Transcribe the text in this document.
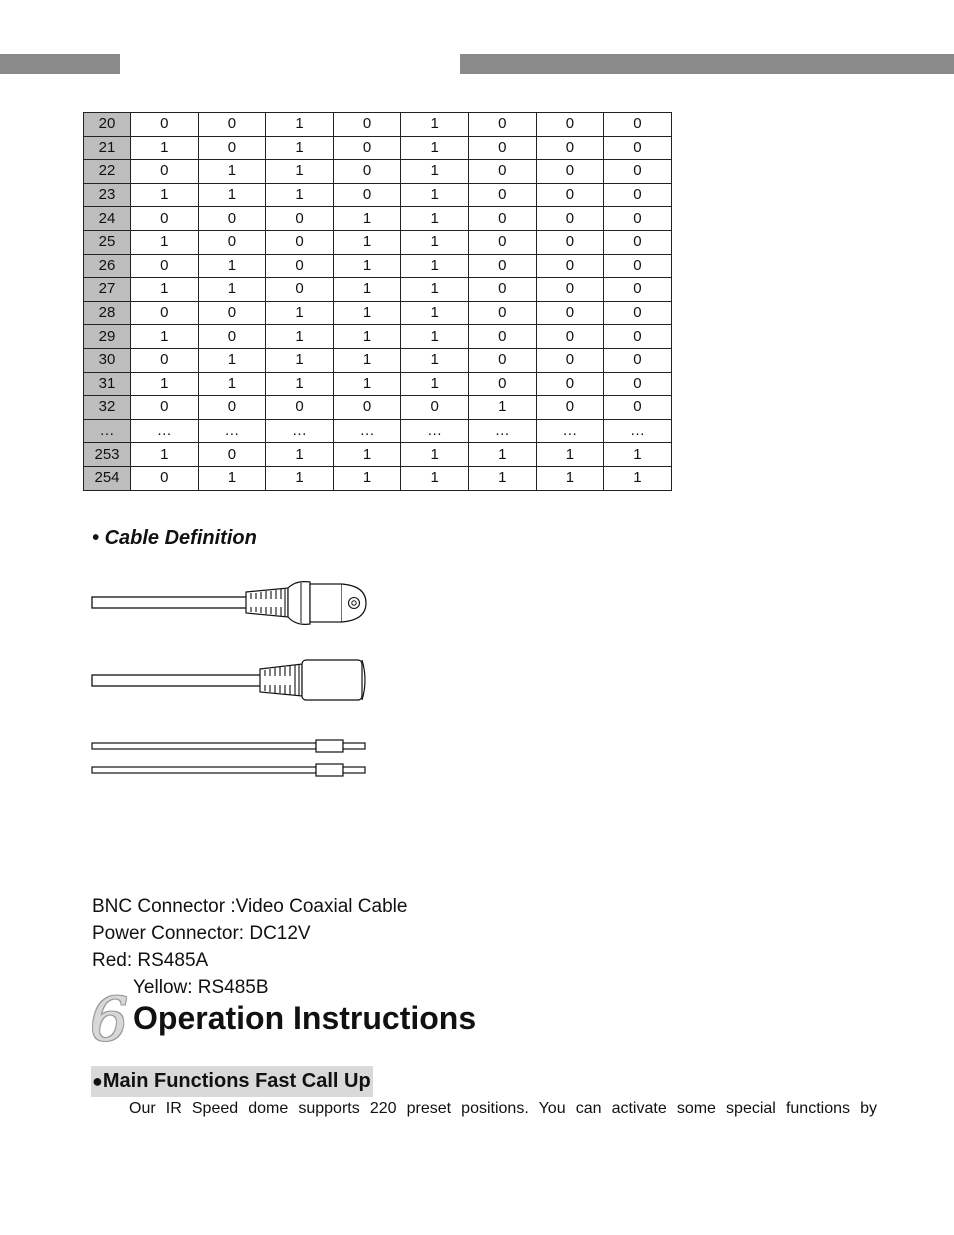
20	0	0	1	0	1	0	0	0
21	1	0	1	0	1	0	0	0
22	0	1	1	0	1	0	0	0
23	1	1	1	0	1	0	0	0
24	0	0	0	1	1	0	0	0
25	1	0	0	1	1	0	0	0
26	0	1	0	1	1	0	0	0
27	1	1	0	1	1	0	0	0
28	0	0	1	1	1	0	0	0
29	1	0	1	1	1	0	0	0
30	0	1	1	1	1	0	0	0
31	1	1	1	1	1	0	0	0
32	0	0	0	0	0	1	0	0
…	…	…	…	…	…	…	…	…
253	1	0	1	1	1	1	1	1
254	0	1	1	1	1	1	1	1
• Cable Definition
BNC Connector :Video Coaxial Cable
Power Connector: DC12V
Red: RS485A
Yellow: RS485B
6 Operation Instructions
●Main Functions Fast Call Up
Our IR Speed dome supports 220 preset positions. You can activate some special functions by
